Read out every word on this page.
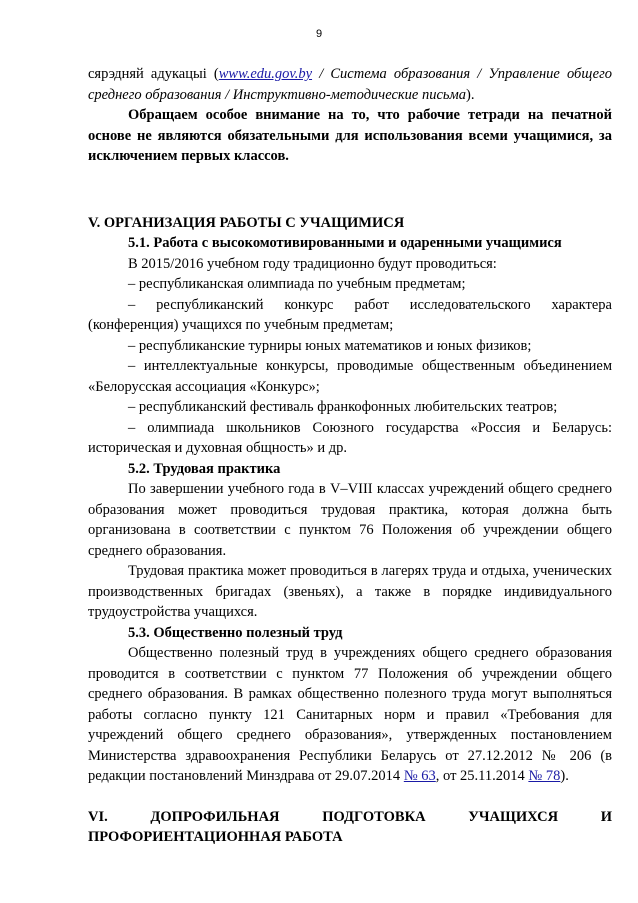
9

сярэдняй адукацыі (www.edu.gov.by / Система образования / Управление общего среднего образования / Инструктивно-методические письма).

Обращаем особое внимание на то, что рабочие тетради на печатной основе не являются обязательными для использования всеми учащимися, за исключением первых классов.

V. ОРГАНИЗАЦИЯ РАБОТЫ С УЧАЩИМИСЯ

5.1. Работа с высокомотивированными и одаренными учащимися

В 2015/2016 учебном году традиционно будут проводиться:

– республиканская олимпиада по учебным предметам;

– республиканский конкурс работ исследовательского характера (конференция) учащихся по учебным предметам;

– республиканские турниры юных математиков и юных физиков;

– интеллектуальные конкурсы, проводимые общественным объединением «Белорусская ассоциация «Конкурс»;

– республиканский фестиваль франкофонных любительских театров;

– олимпиада школьников Союзного государства «Россия и Беларусь: историческая и духовная общность» и др.

5.2. Трудовая практика

По завершении учебного года в V–VIII классах учреждений общего среднего образования может проводиться трудовая практика, которая должна быть организована в соответствии с пунктом 76 Положения об учреждении общего среднего образования.

Трудовая практика может проводиться в лагерях труда и отдыха, ученических производственных бригадах (звеньях), а также в порядке индивидуального трудоустройства учащихся.

5.3. Общественно полезный труд

Общественно полезный труд в учреждениях общего среднего образования проводится в соответствии с пунктом 77 Положения об учреждении общего среднего образования. В рамках общественно полезного труда могут выполняться работы согласно пункту 121 Санитарных норм и правил «Требования для учреждений общего среднего образования», утвержденных постановлением Министерства здравоохранения Республики Беларусь от 27.12.2012 № 206 (в редакции постановлений Минздрава от 29.07.2014 № 63, от 25.11.2014 № 78).

VI. ДОПРОФИЛЬНАЯ ПОДГОТОВКА УЧАЩИХСЯ И ПРОФОРИЕНТАЦИОННАЯ РАБОТА
